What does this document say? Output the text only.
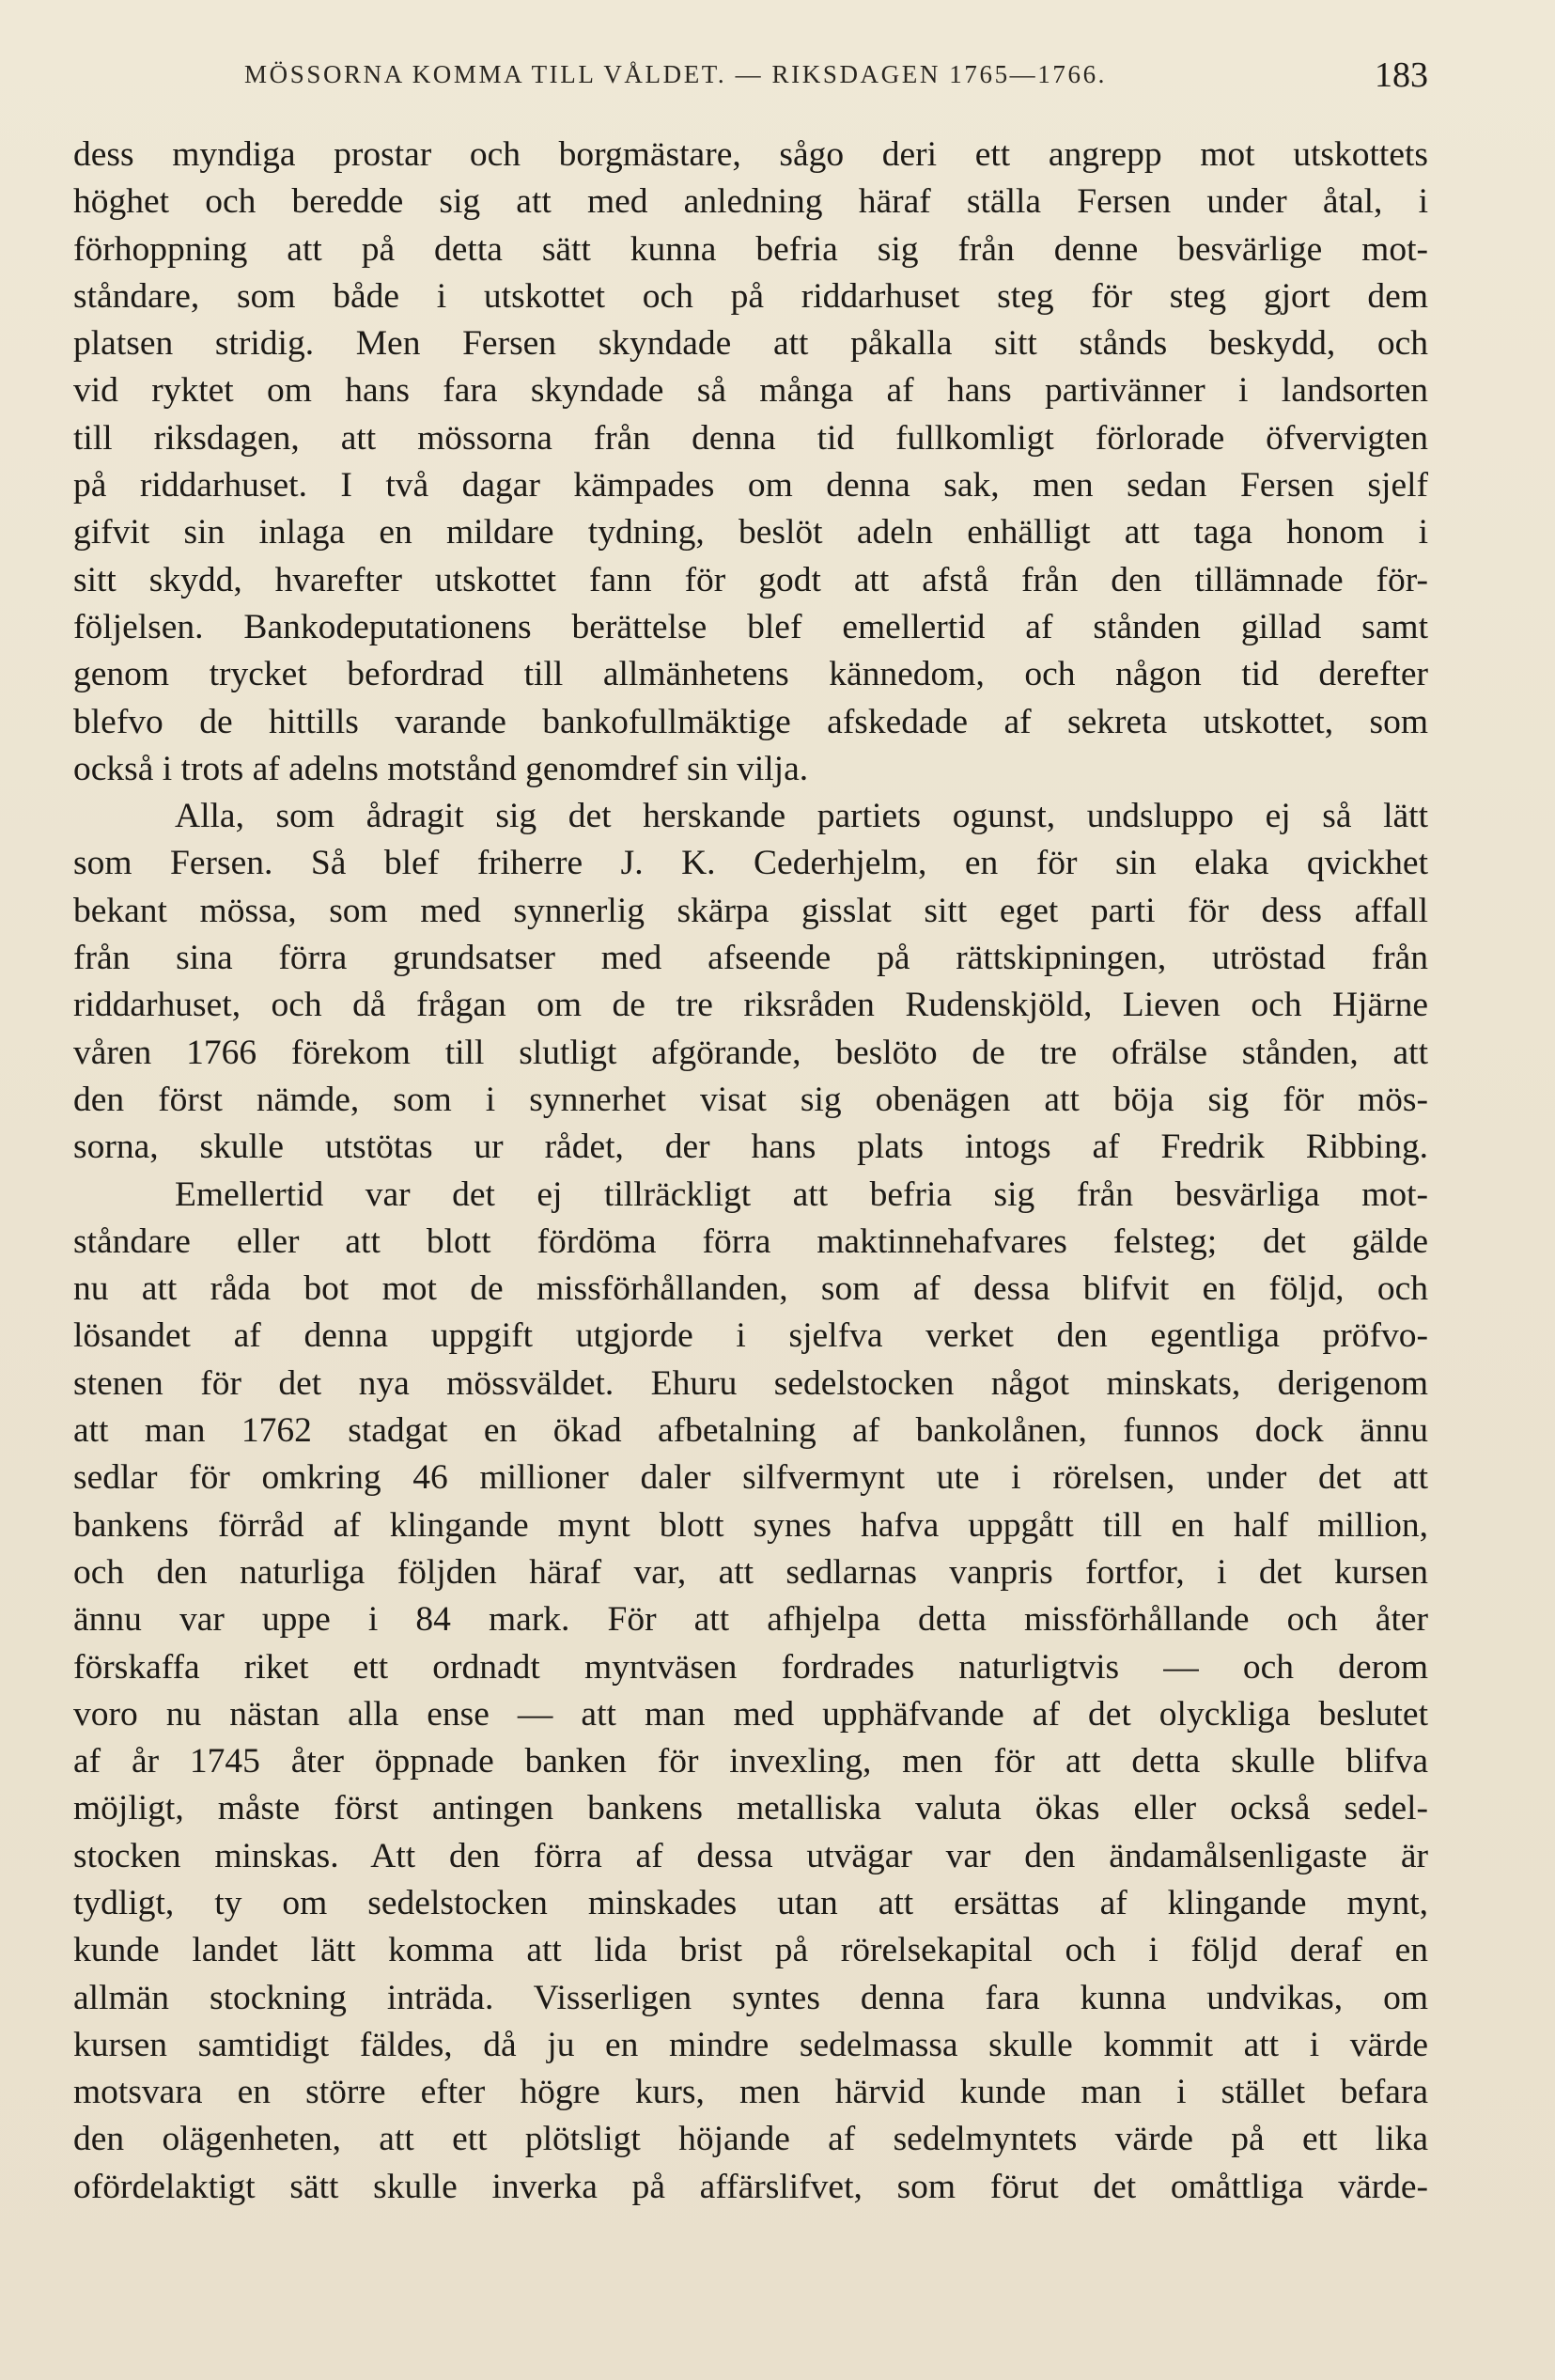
MÖSSORNA KOMMA TILL VÅLDET. — RIKSDAGEN 1765—1766.	183
dess myndiga prostar och borgmästare, sågo deri ett angrepp mot utskottets
höghet och beredde sig att med anledning häraf ställa Fersen under åtal, i
förhoppning att på detta sätt kunna befria sig från denne besvärlige mot-
ståndare, som både i utskottet och på riddarhuset steg för steg gjort dem
platsen stridig. Men Fersen skyndade att påkalla sitt stånds beskydd, och
vid ryktet om hans fara skyndade så många af hans partivänner i landsorten
till riksdagen, att mössorna från denna tid fullkomligt förlorade öfvervigten
på riddarhuset. I två dagar kämpades om denna sak, men sedan Fersen sjelf
gifvit sin inlaga en mildare tydning, beslöt adeln enhälligt att taga honom i
sitt skydd, hvarefter utskottet fann för godt att afstå från den tillämnade för-
följelsen. Bankodeputationens berättelse blef emellertid af stånden gillad samt
genom trycket befordrad till allmänhetens kännedom, och någon tid derefter
blefvo de hittills varande bankofullmäktige afskedade af sekreta utskottet, som
också i trots af adelns motstånd genomdref sin vilja.
Alla, som ådragit sig det herskande partiets ogunst, undsluppo ej så lätt
som Fersen. Så blef friherre J. K. Cederhjelm, en för sin elaka qvickhet
bekant mössa, som med synnerlig skärpa gisslat sitt eget parti för dess affall
från sina förra grundsatser med afseende på rättskipningen, utröstad från
riddarhuset, och då frågan om de tre riksråden Rudenskjöld, Lieven och Hjärne
våren 1766 förekom till slutligt afgörande, beslöto de tre ofrälse stånden, att
den först nämde, som i synnerhet visat sig obenägen att böja sig för mös-
sorna, skulle utstötas ur rådet, der hans plats intogs af Fredrik Ribbing.
Emellertid var det ej tillräckligt att befria sig från besvärliga mot-
ståndare eller att blott fördöma förra maktinnehafvares felsteg; det gälde
nu att råda bot mot de missförhållanden, som af dessa blifvit en följd, och
lösandet af denna uppgift utgjorde i sjelfva verket den egentliga pröfvo-
stenen för det nya mössväldet. Ehuru sedelstocken något minskats, derigenom
att man 1762 stadgat en ökad afbetalning af bankolånen, funnos dock ännu
sedlar för omkring 46 millioner daler silfvermynt ute i rörelsen, under det att
bankens förråd af klingande mynt blott synes hafva uppgått till en half million,
och den naturliga följden häraf var, att sedlarnas vanpris fortfor, i det kursen
ännu var uppe i 84 mark. För att afhjelpa detta missförhållande och åter
förskaffa riket ett ordnadt myntväsen fordrades naturligtvis — och derom
voro nu nästan alla ense — att man med upphäfvande af det olyckliga beslutet
af år 1745 åter öppnade banken för invexling, men för att detta skulle blifva
möjligt, måste först antingen bankens metalliska valuta ökas eller också sedel-
stocken minskas. Att den förra af dessa utvägar var den ändamålsenligaste är
tydligt, ty om sedelstocken minskades utan att ersättas af klingande mynt,
kunde landet lätt komma att lida brist på rörelsekapital och i följd deraf en
allmän stockning inträda. Visserligen syntes denna fara kunna undvikas, om
kursen samtidigt fäldes, då ju en mindre sedelmassa skulle kommit att i värde
motsvara en större efter högre kurs, men härvid kunde man i stället befara
den olägenheten, att ett plötsligt höjande af sedelmyntets värde på ett lika
ofördelaktigt sätt skulle inverka på affärslifvet, som förut det omåttliga värde-
